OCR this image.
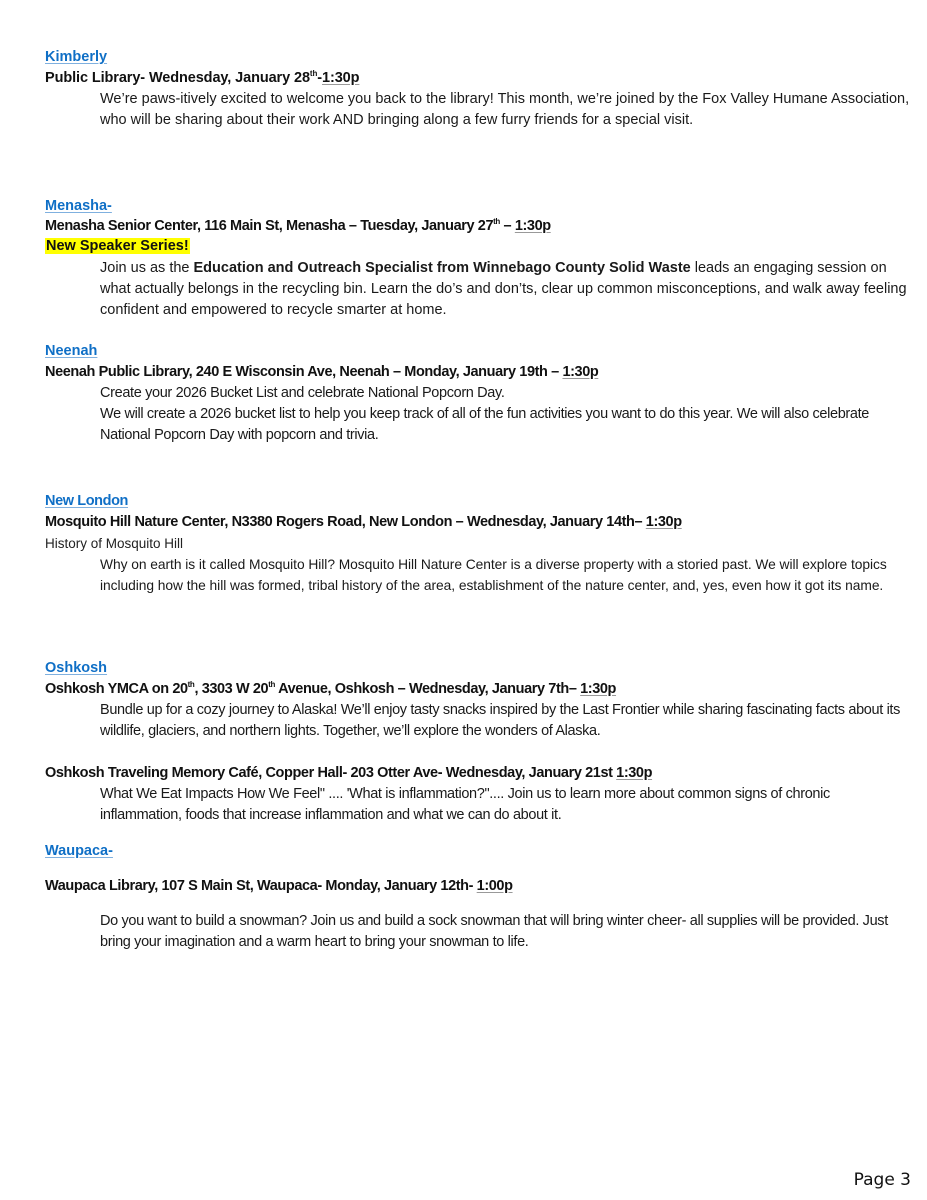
Kimberly
Public Library- Wednesday, January 28th-1:30p
We’re paws-itively excited to welcome you back to the library! This month, we’re joined by the Fox Valley Humane Association, who will be sharing about their work AND bringing along a few furry friends for a special visit.
Menasha-
Menasha Senior Center, 116 Main St, Menasha – Tuesday, January 27th – 1:30p
New Speaker Series!
Join us as the Education and Outreach Specialist from Winnebago County Solid Waste leads an engaging session on what actually belongs in the recycling bin. Learn the do’s and don’ts, clear up common misconceptions, and walk away feeling confident and empowered to recycle smarter at home.
Neenah
Neenah Public Library, 240 E Wisconsin Ave, Neenah – Monday, January 19th – 1:30p
Create your 2026 Bucket List and celebrate National Popcorn Day.
We will create a 2026 bucket list to help you keep track of all of the fun activities you want to do this year. We will also celebrate National Popcorn Day with popcorn and trivia.
New London
Mosquito Hill Nature Center, N3380 Rogers Road, New London – Wednesday, January 14th– 1:30p
History of Mosquito Hill
Why on earth is it called Mosquito Hill? Mosquito Hill Nature Center is a diverse property with a storied past. We will explore topics including how the hill was formed, tribal history of the area, establishment of the nature center, and, yes, even how it got its name.
Oshkosh
Oshkosh YMCA on 20th, 3303 W 20th Avenue, Oshkosh – Wednesday, January 7th– 1:30p
Bundle up for a cozy journey to Alaska! We’ll enjoy tasty snacks inspired by the Last Frontier while sharing fascinating facts about its wildlife, glaciers, and northern lights. Together, we’ll explore the wonders of Alaska.
Oshkosh Traveling Memory Café, Copper Hall- 203 Otter Ave- Wednesday, January 21st 1:30p
What We Eat Impacts How We Feel" .... 'What is inflammation?".... Join us to learn more about common signs of chronic inflammation, foods that increase inflammation and what we can do about it.
Waupaca-
Waupaca Library, 107 S Main St, Waupaca- Monday, January 12th- 1:00p
Do you want to build a snowman? Join us and build a sock snowman that will bring winter cheer- all supplies will be provided. Just bring your imagination and a warm heart to bring your snowman to life.
Page 3
